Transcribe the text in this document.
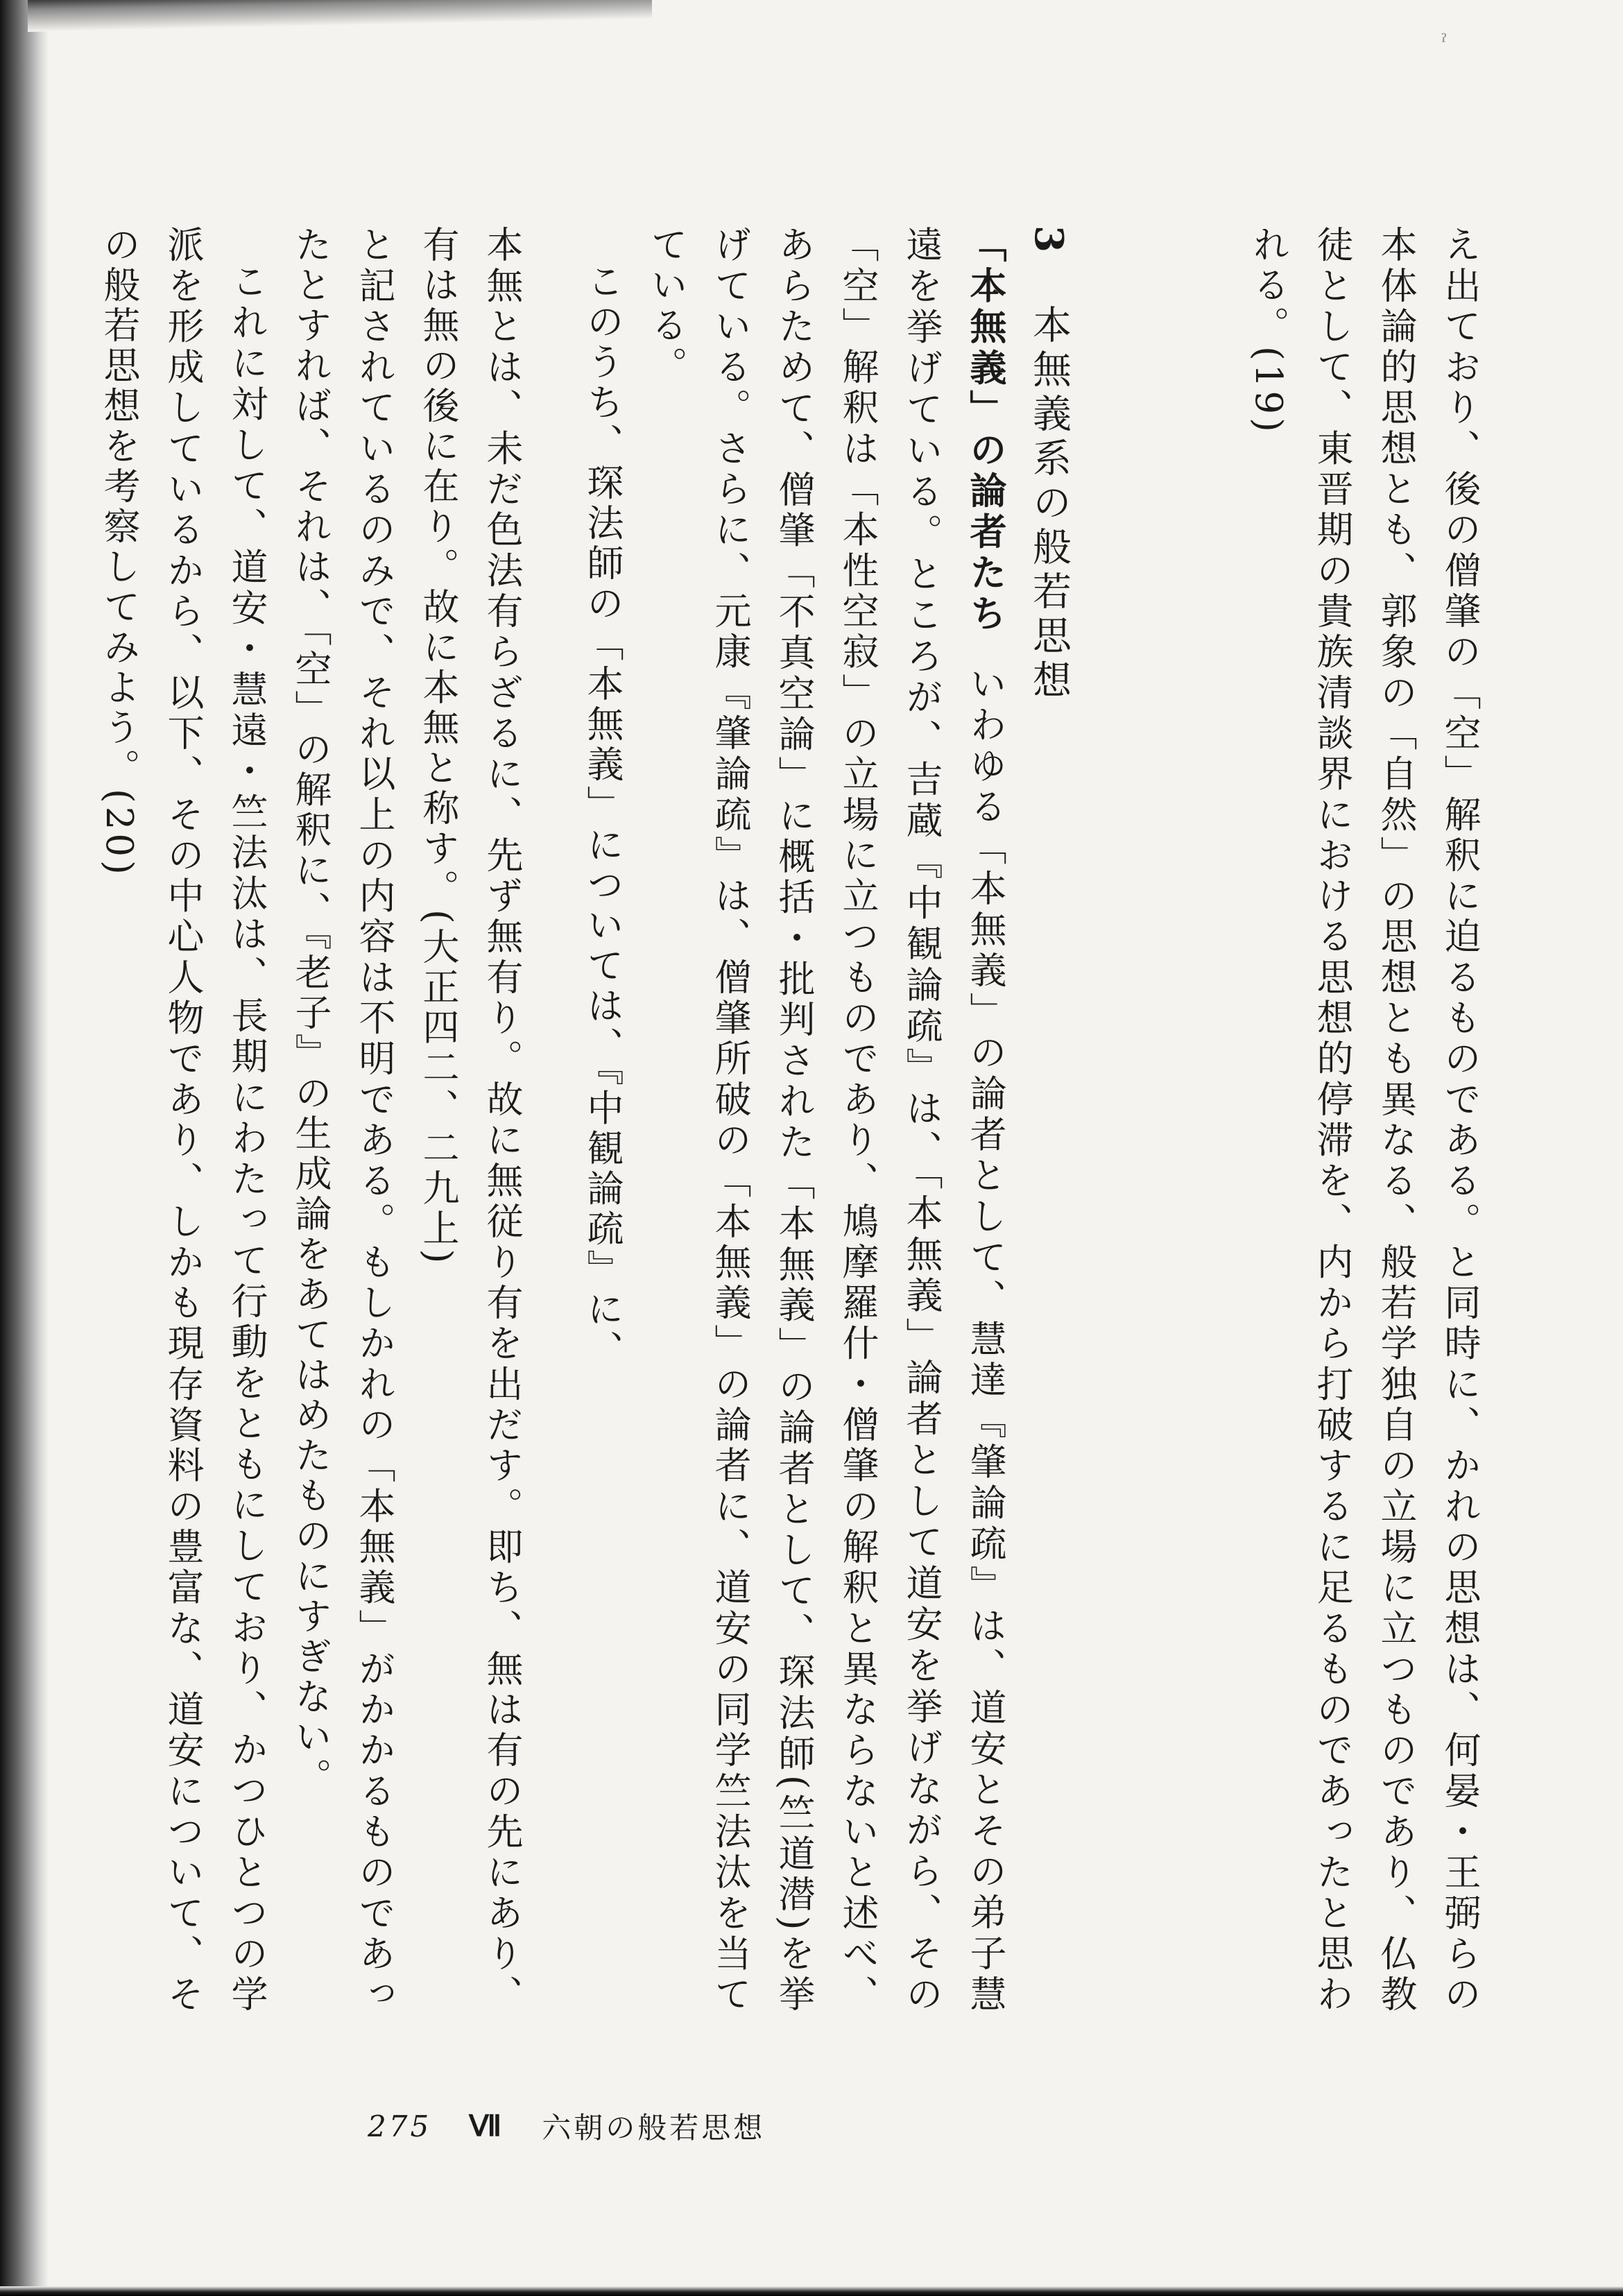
ˀ

え出ており、後の僧肇の「空」解釈に迫るものである。と同時に、かれの思想は、何晏・王弼らの本体論的思想とも、郭象の「自然」の思想とも異なる、般若学独自の立場に立つものであり、仏教徒として、東晋期の貴族清談界における思想的停滞を、内から打破するに足るものであったと思われる。(19)

3本無義系の般若思想

「本無義」の論者たちいわゆる「本無義」の論者として、慧達『肇論疏』は、道安とその弟子慧遠を挙げている。ところが、吉蔵『中観論疏』は、「本無義」論者として道安を挙げながら、その「空」解釈は「本性空寂」の立場に立つものであり、鳩摩羅什・僧肇の解釈と異ならないと述べ、あらためて、僧肇「不真空論」に概括・批判された「本無義」の論者として、琛法師(竺道潜)を挙げている。さらに、元康『肇論疏』は、僧肇所破の「本無義」の論者に、道安の同学竺法汰を当てている。

このうち、琛法師の「本無義」については、『中観論疏』に、

本無とは、未だ色法有らざるに、先ず無有り。故に無従り有を出だす。即ち、無は有の先にあり、有は無の後に在り。故に本無と称す。(大正四二、二九上)

と記されているのみで、それ以上の内容は不明である。もしかれの「本無義」がかかるものであったとすれば、それは、「空」の解釈に、『老子』の生成論をあてはめたものにすぎない。

これに対して、道安・慧遠・竺法汰は、長期にわたって行動をともにしており、かつひとつの学派を形成しているから、以下、その中心人物であり、しかも現存資料の豊富な、道安について、その般若思想を考察してみよう。(20)

275 Ⅶ 六朝の般若思想
